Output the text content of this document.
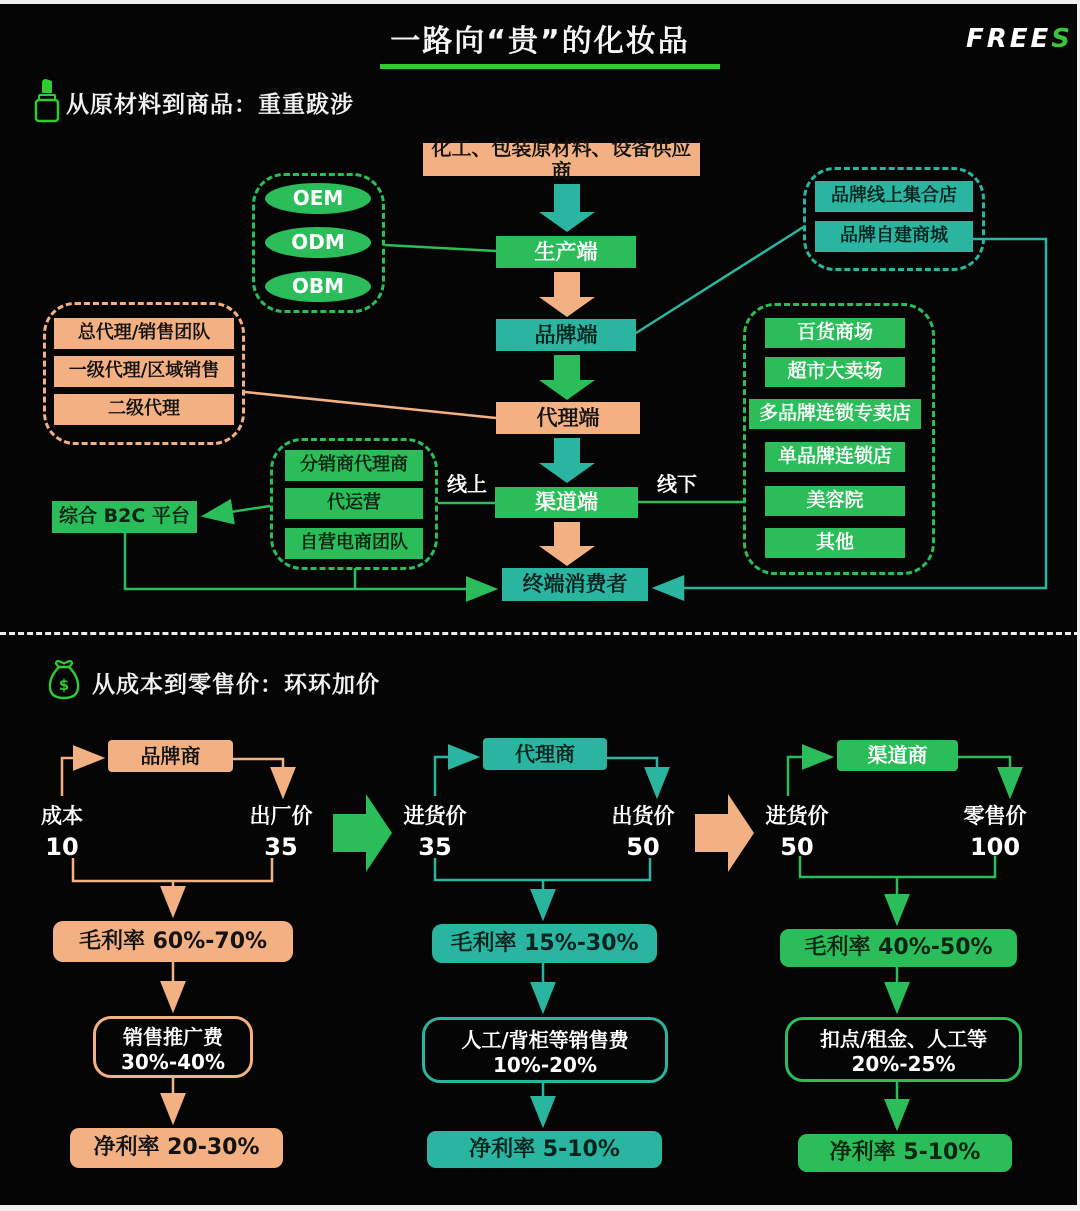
一路向“贵”的化妆品	FREES
从原材料到商品：重重跋涉
化工、包装原材料、设备供应商
生产端
品牌端
代理端
渠道端
终端消费者
OEM
ODM
OBM
总代理/销售团队
一级代理/区域销售
二级代理
分销商代理商
代运营
自营电商团队
综合 B2C 平台
品牌线上集合店
品牌自建商城
百货商场
超市大卖场
多品牌连锁专卖店
单品牌连锁店
美容院
其他
线上	线下
$ 从成本到零售价：环环加价
品牌商
成本
10
出厂价
35
毛利率 60%-70%
销售推广费
30%-40%
净利率 20-30%
代理商
进货价
35
出货价
50
毛利率 15%-30%
人工/背柜等销售费
10%-20%
净利率 5-10%
渠道商
进货价
50
零售价
100
毛利率 40%-50%
扣点/租金、人工等
20%-25%
净利率 5-10%
